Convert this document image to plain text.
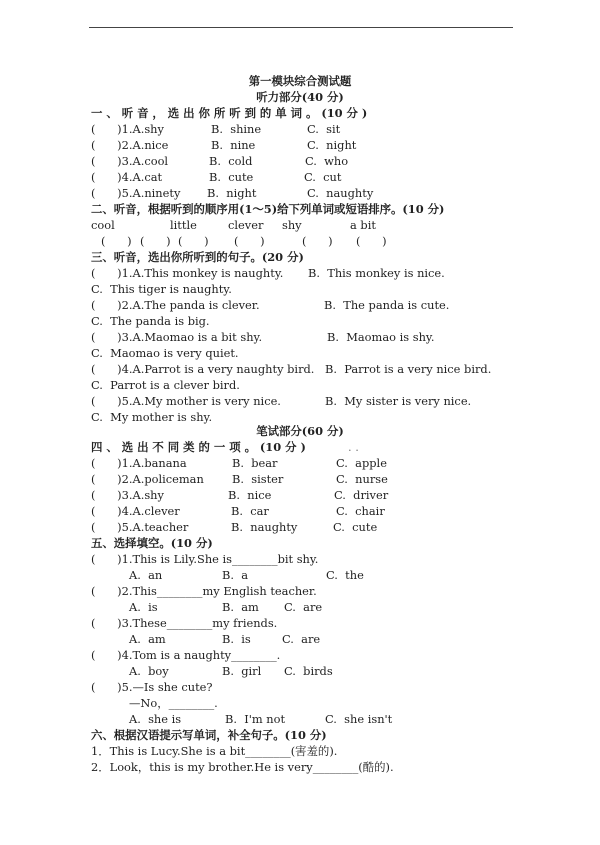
第一模块综合测试题
听力部分(40 分)
一 、 听 音 ， 选 出 你 所 听 到 的 单 词 。 (10 分 )
(      )1.A.shy	B.  shine	C.  sit
(      )2.A.nice	B.  nine	C.  night
(      )3.A.cool	B.  cold	C.  who
(      )4.A.cat	B.  cute	C.  cut
(      )5.A.ninety B.  night	C.  naughty
二、听音，根据听到的顺序用(1～5)给下列单词或短语排序。(10 分)
cool	little	clever shy	a bit
(      ) (      ) (      ) (      )	(      ) (      )
三、听音，选出你所听到的句子。(20 分)
(      )1.A.This monkey is naughty. B.  This monkey is nice.
C.  This tiger is naughty.
(      )2.A.The panda is clever.	B.  The panda is cute.
C.  The panda is big.
(      )3.A.Maomao is a bit shy.	B.  Maomao is shy.
C.  Maomao is very quiet.
(      )4.A.Parrot is a very naughty bird. B.  Parrot is a very nice bird.
C.  Parrot is a clever bird.
(      )5.A.My mother is very nice.	B.  My sister is very nice.
C.  My mother is shy.
笔试部分(60 分)
四 、 选 出 不 同 类 的 一 项 。 (10 分 )	. .
(      )1.A.banana	B.  bear	C.  apple
(      )2.A.policeman B.  sister	C.  nurse
(      )3.A.shy	B.  nice	C.  driver
(      )4.A.clever	B.  car	C.  chair
(      )5.A.teacher	B.  naughty	C.  cute
五、选择填空。(10 分)
(      )1.This is Lily.She is________bit shy.
A.  an	B.  a	C.  the
(      )2.This________my English teacher.
A.  is	B.  am C.  are
(      )3.These________my friends.
A.  am	B.  is	C.  are
(      )4.Tom is a naughty________.
A.  boy	B.  girl C.  birds
(      )5.—Is she cute?
—No，________.
A.  she is	B.  I'm not	C.  she isn't
六、根据汉语提示写单词，补全句子。(10 分)
1．This is Lucy.She is a bit________(害羞的).
2．Look，this is my brother.He is very________(酷的).
